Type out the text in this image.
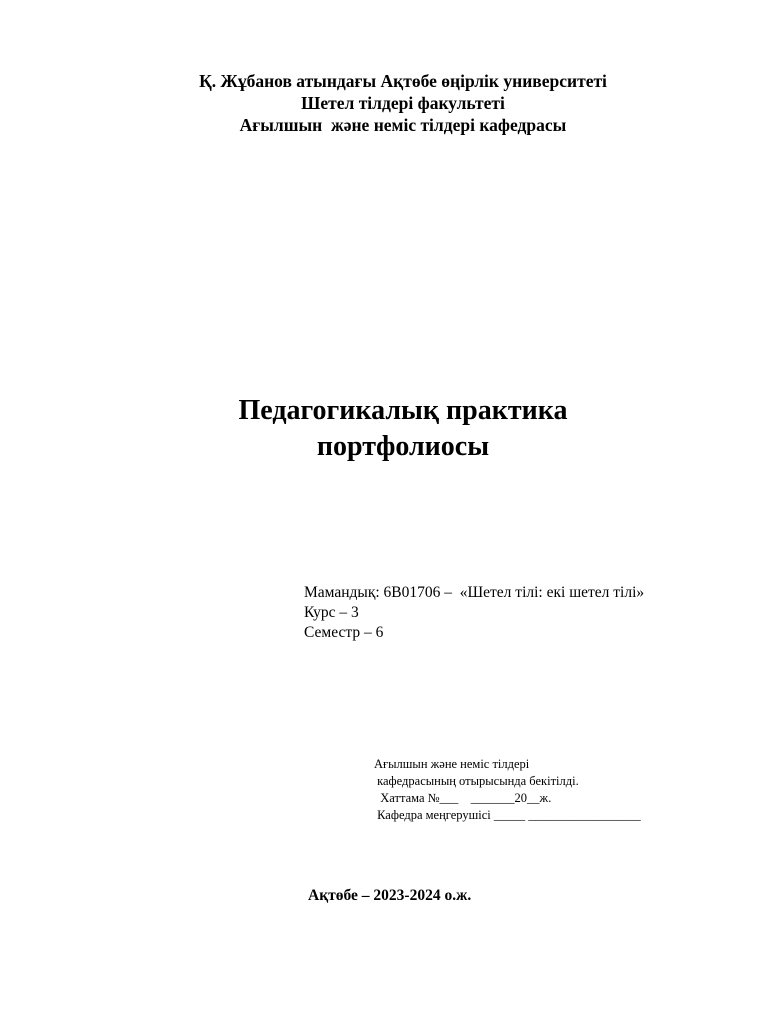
Қ. Жұбанов атындағы Ақтөбе өңірлік университеті
Шетел тілдері факультеті
Ағылшын  және неміс тілдері кафедрасы
Педагогикалық практика
портфолиосы
Мамандық: 6В01706 –  «Шетел тілі: екі шетел тілі»
Курс – 3
Семестр – 6
Ағылшын және неміс тілдері
кафедрасының отырысында бекітілді.
Хаттама №___    _______20__ж.
Кафедра меңгерушісі _____ __________________
Ақтөбе – 2023-2024 о.ж.
